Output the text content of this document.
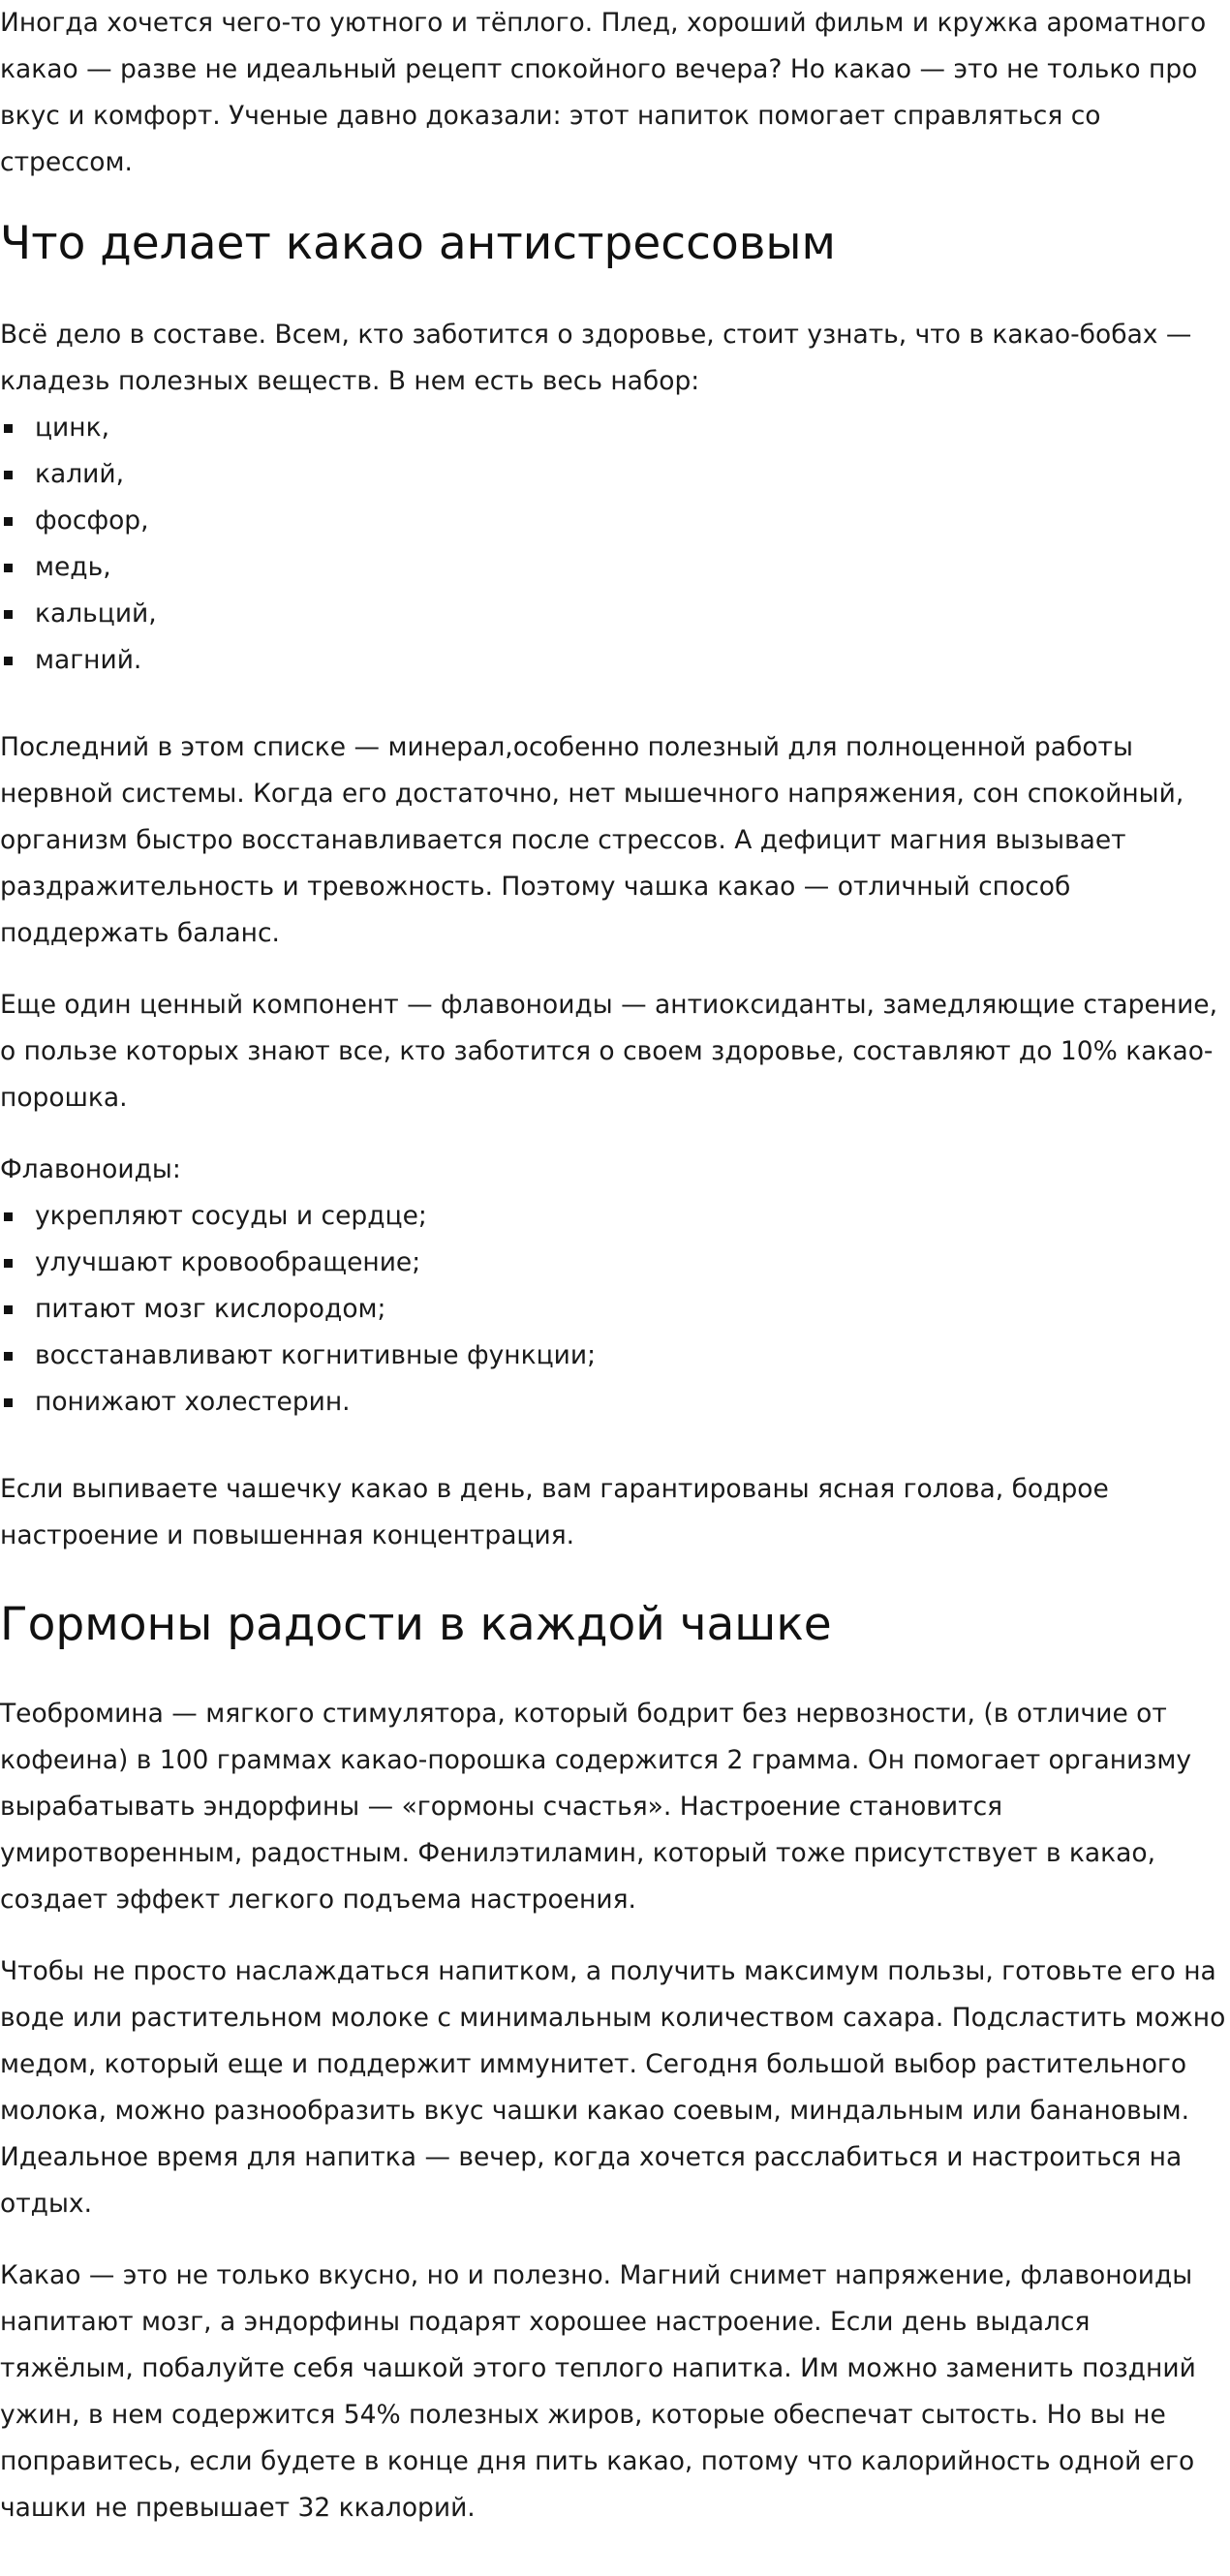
Иногда хочется чего-то уютного и тёплого. Плед, хороший фильм и кружка ароматного какао — разве не идеальный рецепт спокойного вечера? Но какао — это не только про вкус и комфорт. Ученые давно доказали: этот напиток помогает справляться со стрессом.

Что делает какао антистрессовым

Всё дело в составе. Всем, кто заботится о здоровье, стоит узнать, что в какао-бобах — кладезь полезных веществ. В нем есть весь набор:

цинк,
калий,
фосфор,
медь,
кальций,
магний.

Последний в этом списке — минерал,особенно полезный для полноценной работы нервной системы. Когда его достаточно, нет мышечного напряжения, сон спокойный, организм быстро восстанавливается после стрессов. А дефицит магния вызывает раздражительность и тревожность. Поэтому чашка какао — отличный способ поддержать баланс.

Еще один ценный компонент — флавоноиды — антиоксиданты, замедляющие старение, о пользе которых знают все, кто заботится о своем здоровье, составляют до 10% какао-порошка.

Флавоноиды:

укрепляют сосуды и сердце;
улучшают кровообращение;
питают мозг кислородом;
восстанавливают когнитивные функции;
понижают холестерин.

Если выпиваете чашечку какао в день, вам гарантированы ясная голова, бодрое настроение и повышенная концентрация.

Гормоны радости в каждой чашке

Теобромина — мягкого стимулятора, который бодрит без нервозности, (в отличие от кофеина) в 100 граммах какао-порошка содержится 2 грамма. Он помогает организму вырабатывать эндорфины — «гормоны счастья». Настроение становится умиротворенным, радостным. Фенилэтиламин, который тоже присутствует в какао, создает эффект легкого подъема настроения.

Чтобы не просто наслаждаться напитком, а получить максимум пользы, готовьте его на воде или растительном молоке с минимальным количеством сахара. Подсластить можно медом, который еще и поддержит иммунитет. Сегодня большой выбор растительного молока, можно разнообразить вкус чашки какао соевым, миндальным или банановым. Идеальное время для напитка — вечер, когда хочется расслабиться и настроиться на отдых.

Какао — это не только вкусно, но и полезно. Магний снимет напряжение, флавоноиды напитают мозг, а эндорфины подарят хорошее настроение. Если день выдался тяжёлым, побалуйте себя чашкой этого теплого напитка. Им можно заменить поздний ужин, в нем содержится 54% полезных жиров, которые обеспечат сытость. Но вы не поправитесь, если будете в конце дня пить какао, потому что калорийность одной его чашки не превышает 32 ккалорий.
